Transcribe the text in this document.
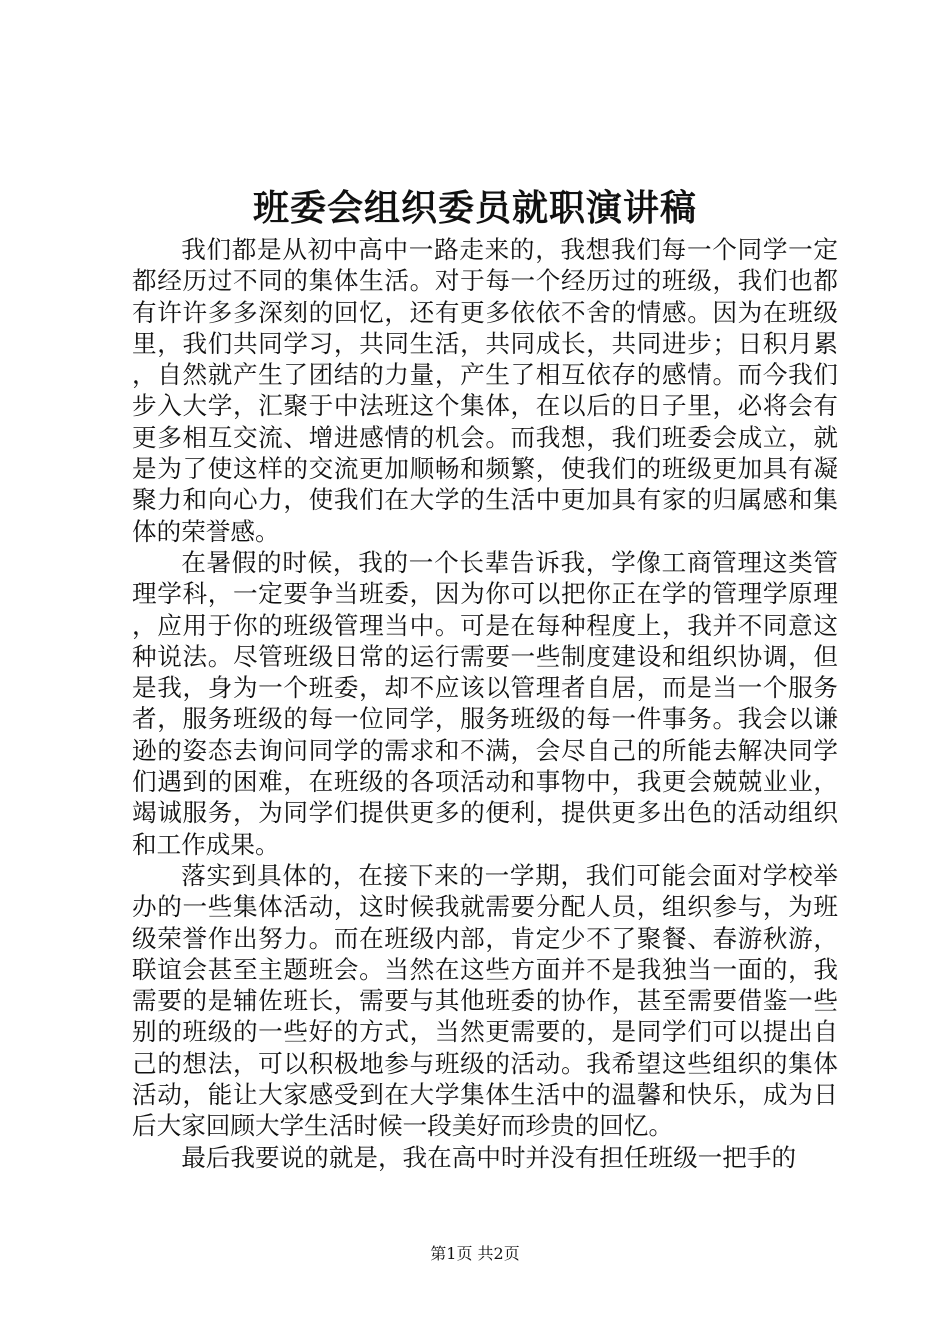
班委会组织委员就职演讲稿

我们都是从初中高中一路走来的，我想我们每一个同学一定都经历过不同的集体生活。对于每一个经历过的班级，我们也都有许许多多深刻的回忆，还有更多依依不舍的情感。因为在班级里，我们共同学习，共同生活，共同成长，共同进步；日积月累，自然就产生了团结的力量，产生了相互依存的感情。而今我们步入大学，汇聚于中法班这个集体，在以后的日子里，必将会有更多相互交流、增进感情的机会。而我想，我们班委会成立，就是为了使这样的交流更加顺畅和频繁，使我们的班级更加具有凝聚力和向心力，使我们在大学的生活中更加具有家的归属感和集体的荣誉感。

在暑假的时候，我的一个长辈告诉我，学像工商管理这类管理学科，一定要争当班委，因为你可以把你正在学的管理学原理，应用于你的班级管理当中。可是在每种程度上，我并不同意这种说法。尽管班级日常的运行需要一些制度建设和组织协调，但是我，身为一个班委，却不应该以管理者自居，而是当一个服务者，服务班级的每一位同学，服务班级的每一件事务。我会以谦逊的姿态去询问同学的需求和不满，会尽自己的所能去解决同学们遇到的困难，在班级的各项活动和事物中，我更会兢兢业业，竭诚服务，为同学们提供更多的便利，提供更多出色的活动组织和工作成果。

落实到具体的，在接下来的一学期，我们可能会面对学校举办的一些集体活动，这时候我就需要分配人员，组织参与，为班级荣誉作出努力。而在班级内部，肯定少不了聚餐、春游秋游，联谊会甚至主题班会。当然在这些方面并不是我独当一面的，我需要的是辅佐班长，需要与其他班委的协作，甚至需要借鉴一些别的班级的一些好的方式，当然更需要的，是同学们可以提出自己的想法，可以积极地参与班级的活动。我希望这些组织的集体活动，能让大家感受到在大学集体生活中的温馨和快乐，成为日后大家回顾大学生活时候一段美好而珍贵的回忆。

最后我要说的就是，我在高中时并没有担任班级一把手的

第1页 共2页
